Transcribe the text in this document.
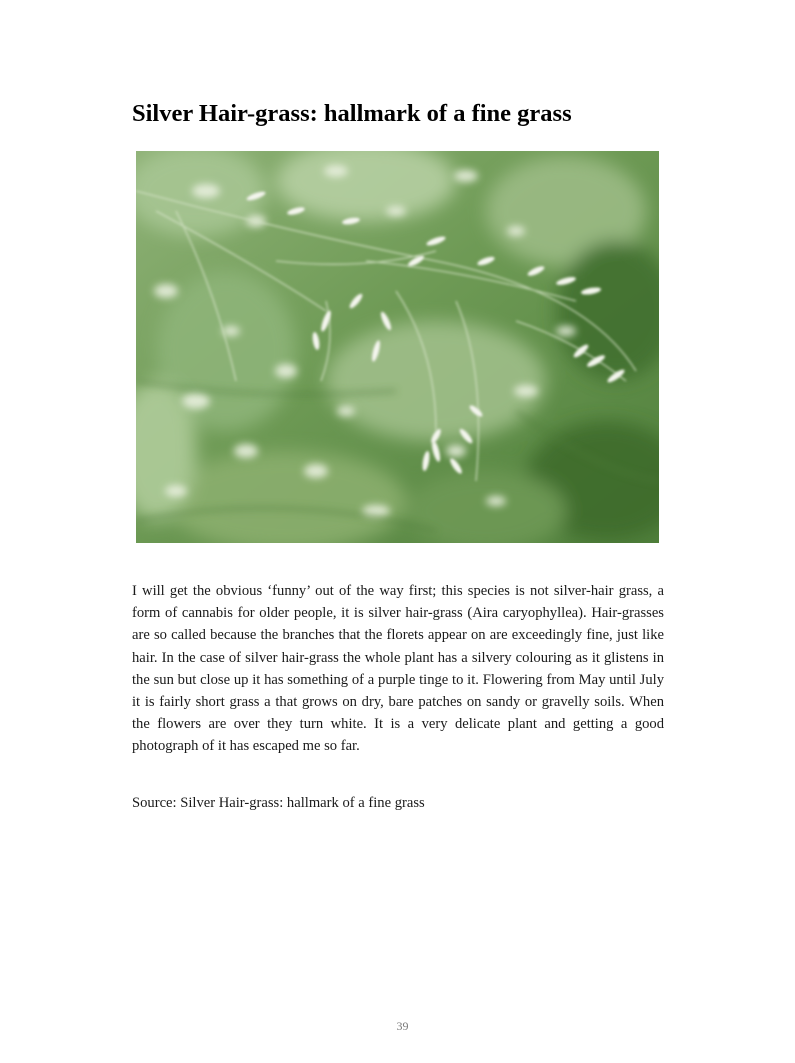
Silver Hair-grass: hallmark of a fine grass

I will get the obvious ‘funny’ out of the way first; this species is not silver-hair grass, a form of cannabis for older people, it is silver hair-grass (Aira caryophyllea). Hair-grasses are so called because the branches that the florets appear on are exceedingly fine, just like hair. In the case of silver hair-grass the whole plant has a silvery colouring as it glistens in the sun but close up it has something of a purple tinge to it. Flowering from May until July it is fairly short grass a that grows on dry, bare patches on sandy or gravelly soils. When the flowers are over they turn white. It is a very delicate plant and getting a good photograph of it has escaped me so far.

Source: Silver Hair-grass: hallmark of a fine grass

39
